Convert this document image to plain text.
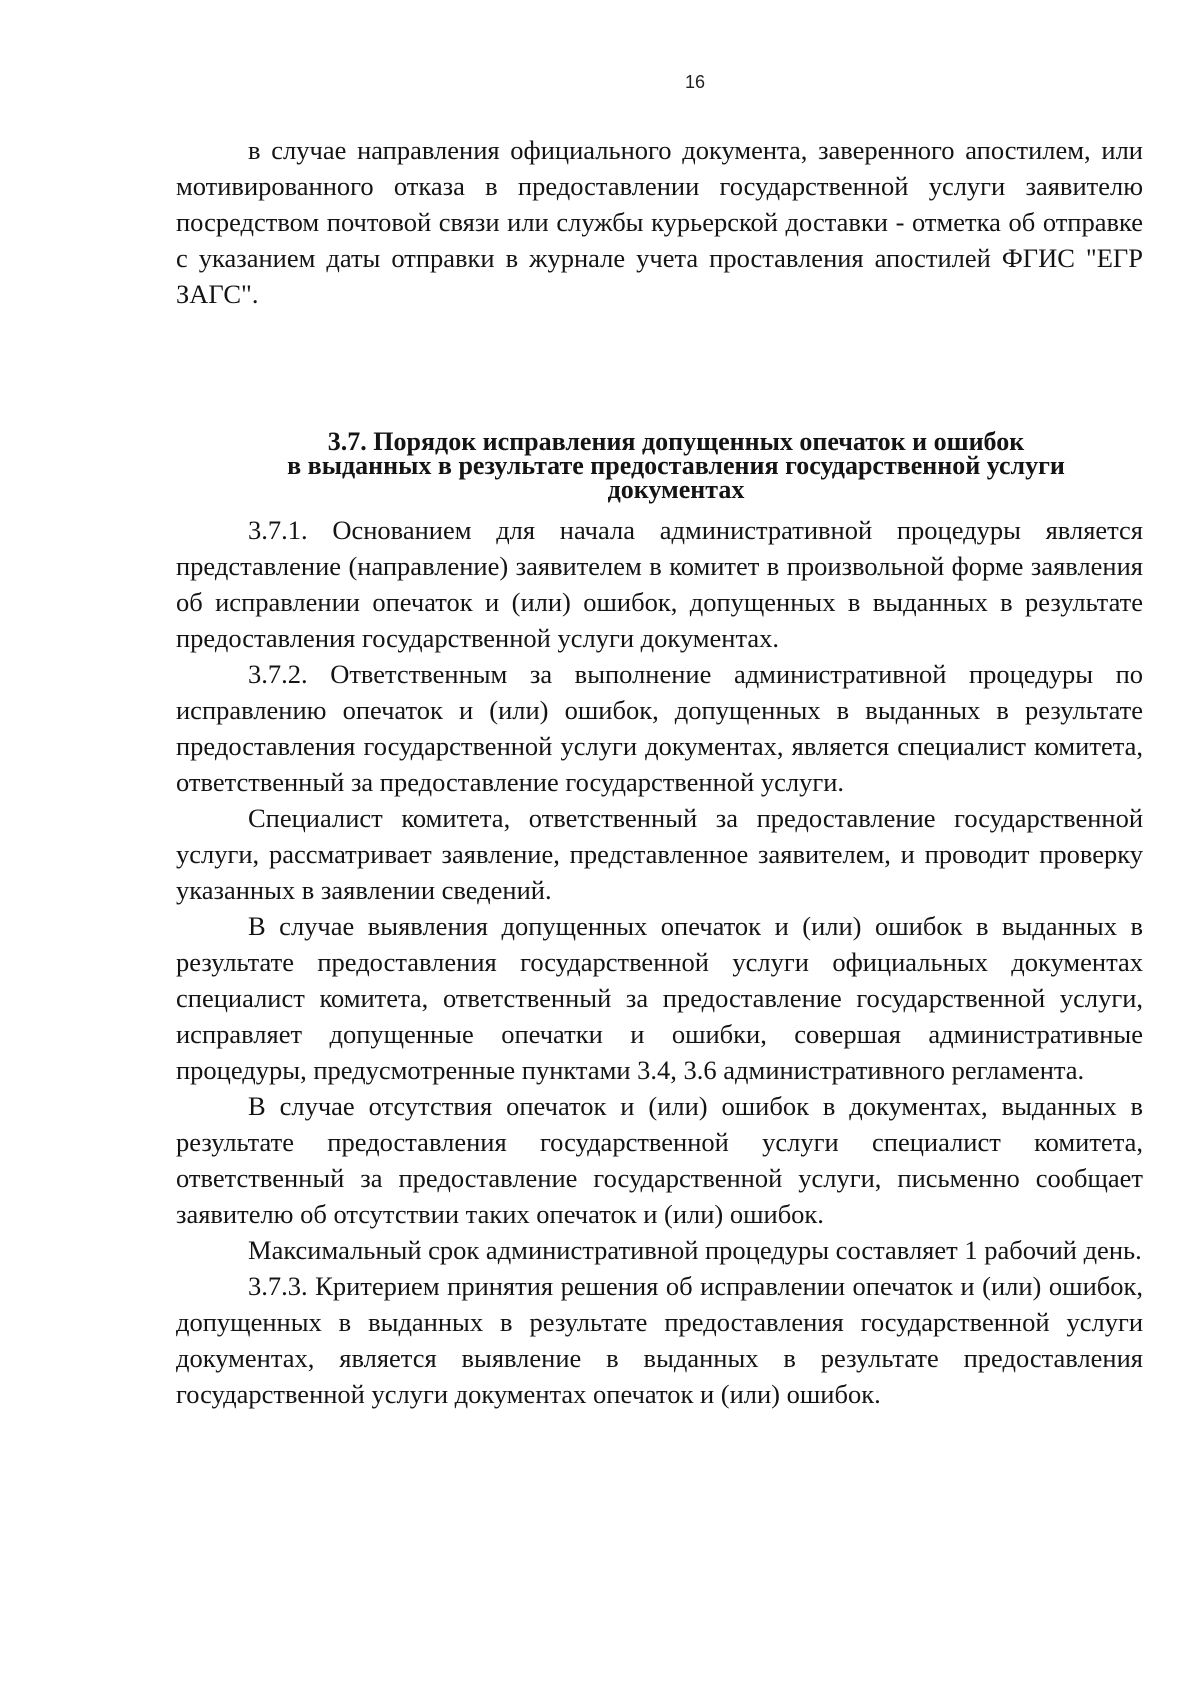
16

в случае направления официального документа, заверенного апостилем, или мотивированного отказа в предоставлении государственной услуги заявителю посредством почтовой связи или службы курьерской доставки - отметка об отправке с указанием даты отправки в журнале учета проставления апостилей ФГИС "ЕГР ЗАГС".

3.7. Порядок исправления допущенных опечаток и ошибок
в выданных в результате предоставления государственной услуги
документах

3.7.1. Основанием для начала административной процедуры является представление (направление) заявителем в комитет в произвольной форме заявления об исправлении опечаток и (или) ошибок, допущенных в выданных в результате предоставления государственной услуги документах.

3.7.2. Ответственным за выполнение административной процедуры по исправлению опечаток и (или) ошибок, допущенных в выданных в результате предоставления государственной услуги документах, является специалист комитета, ответственный за предоставление государственной услуги.

Специалист комитета, ответственный за предоставление государственной услуги, рассматривает заявление, представленное заявителем, и проводит проверку указанных в заявлении сведений.

В случае выявления допущенных опечаток и (или) ошибок в выданных в результате предоставления государственной услуги официальных документах специалист комитета, ответственный за предоставление государственной услуги, исправляет допущенные опечатки и ошибки, совершая административные процедуры, предусмотренные пунктами 3.4, 3.6 административного регламента.

В случае отсутствия опечаток и (или) ошибок в документах, выданных в результате предоставления государственной услуги специалист комитета, ответственный за предоставление государственной услуги, письменно сообщает заявителю об отсутствии таких опечаток и (или) ошибок.

Максимальный срок административной процедуры составляет 1 рабочий день.

3.7.3. Критерием принятия решения об исправлении опечаток и (или) ошибок, допущенных в выданных в результате предоставления государственной услуги документах, является выявление в выданных в результате предоставления государственной услуги документах опечаток и (или) ошибок.
